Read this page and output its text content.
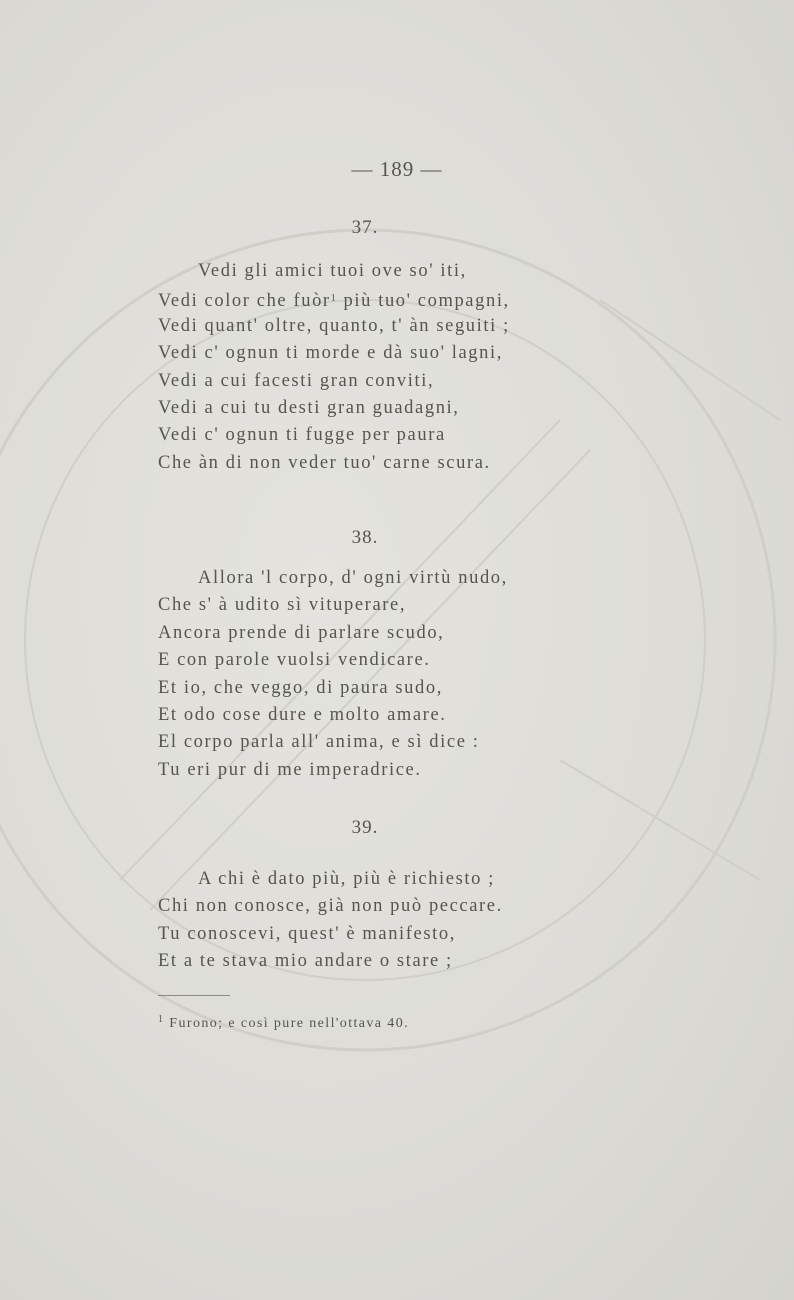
— 189 —
37.
Vedi gli amici tuoi ove so' iti,
Vedi color che fuòr$^1$ più tuo' compagni,
Vedi quant' oltre, quanto, t' àn seguiti ;
Vedi c' ognun ti morde e dà suo' lagni,
Vedi a cui facesti gran conviti,
Vedi a cui tu desti gran guadagni,
Vedi c' ognun ti fugge per paura
Che àn di non veder tuo' carne scura.
38.
Allora 'l corpo, d' ogni virtù nudo,
Che s' à udito sì vituperare,
Ancora prende di parlare scudo,
E con parole vuolsi vendicare.
Et io, che veggo, di paura sudo,
Et odo cose dure e molto amare.
El corpo parla all' anima, e sì dice :
Tu eri pur di me imperadrice.
39.
A chi è dato più, più è richiesto ;
Chi non conosce, già non può peccare.
Tu conoscevi, quest' è manifesto,
Et a te stava mio andare o stare ;
$^1$ Furono; e così pure nell'ottava 40.
